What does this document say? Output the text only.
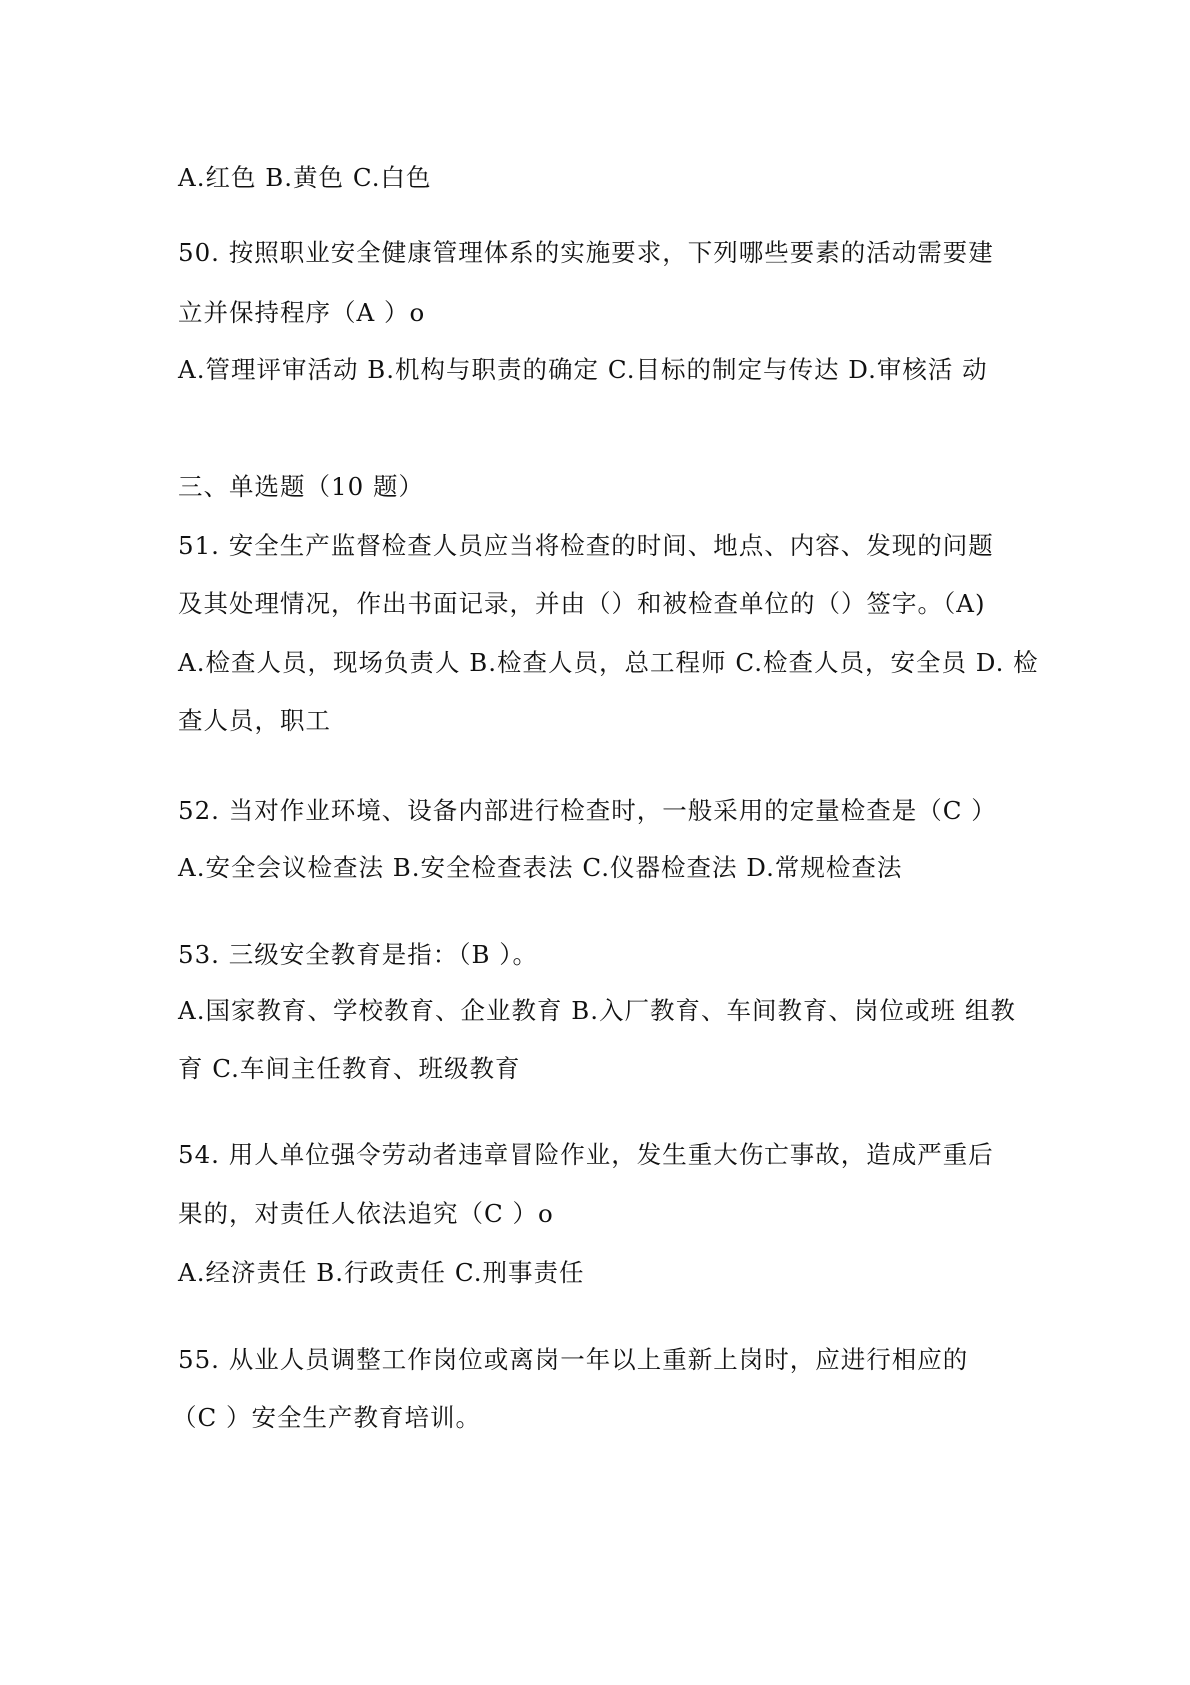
A.红色 B.黄色 C.白色
50. 按照职业安全健康管理体系的实施要求，下列哪些要素的活动需要建
立并保持程序（A ）o
A.管理评审活动 B.机构与职责的确定 C.目标的制定与传达 D.审核活 动
三、单选题（10 题）
51. 安全生产监督检查人员应当将检查的时间、地点、内容、发现的问题
及其处理情况，作出书面记录，并由（）和被检查单位的（）签字。（A)
A.检查人员，现场负责人 B.检查人员，总工程师 C.检查人员，安全员 D. 检
查人员，职工
52. 当对作业环境、设备内部进行检查时，一般采用的定量检查是（C ）
A.安全会议检查法 B.安全检查表法 C.仪器检查法 D.常规检查法
53. 三级安全教育是指：（B ）。
A.国家教育、学校教育、企业教育 B.入厂教育、车间教育、岗位或班 组教
育 C.车间主任教育、班级教育
54. 用人单位强令劳动者违章冒险作业，发生重大伤亡事故，造成严重后
果的，对责任人依法追究（C ）o
A.经济责任 B.行政责任 C.刑事责任
55. 从业人员调整工作岗位或离岗一年以上重新上岗时，应进行相应的
（C ）安全生产教育培训。
